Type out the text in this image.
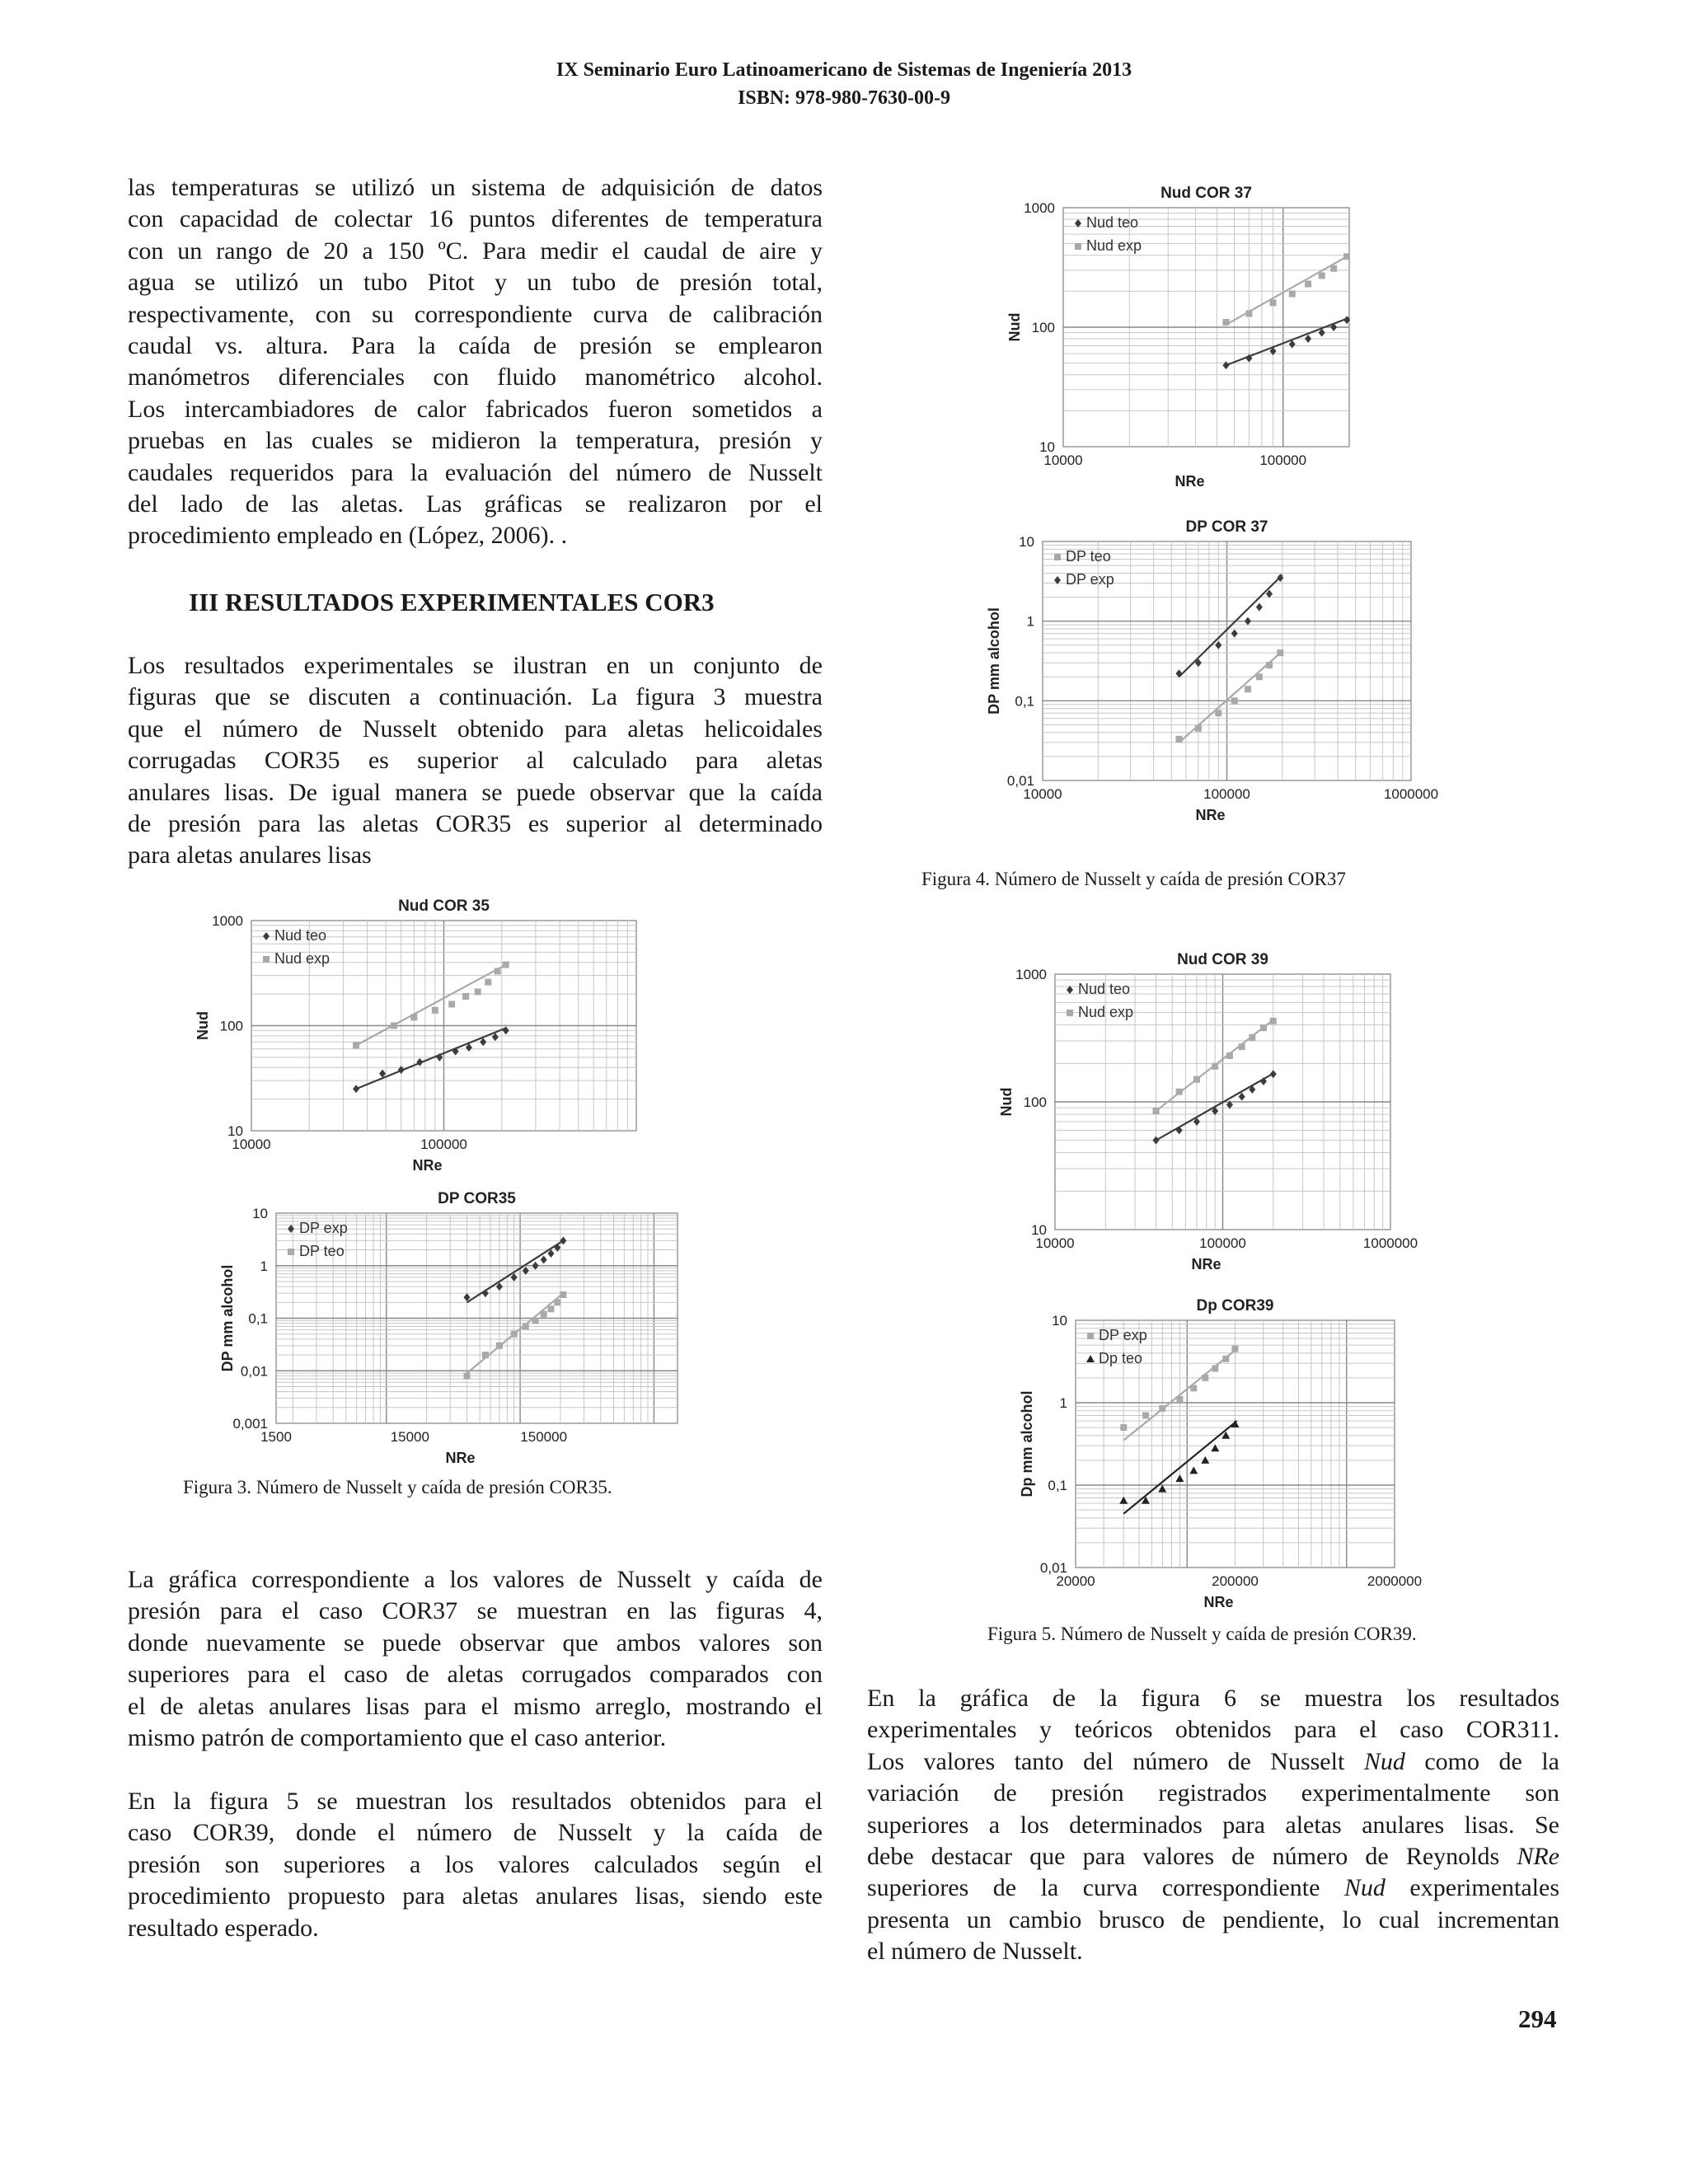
IX Seminario Euro Latinoamericano de Sistemas de Ingeniería 2013
ISBN: 978-980-7630-00-9
las temperaturas se utilizó un sistema de adquisición de datos
con capacidad de colectar 16 puntos diferentes de temperatura
con un rango de 20 a 150 ºC. Para medir el caudal de aire y
agua se utilizó un tubo Pitot y un tubo de presión total,
respectivamente, con su correspondiente curva de calibración
caudal vs. altura. Para la caída de presión se emplearon
manómetros diferenciales con fluido manométrico alcohol.
Los intercambiadores de calor fabricados fueron sometidos a
pruebas en las cuales se midieron la temperatura, presión y
caudales requeridos para la evaluación del número de Nusselt
del lado de las aletas. Las gráficas se realizaron por el
procedimiento empleado en (López, 2006). .
III RESULTADOS EXPERIMENTALES COR3
Los resultados experimentales se ilustran en un conjunto de
figuras que se discuten a continuación. La figura 3 muestra
que el número de Nusselt obtenido para aletas helicoidales
corrugadas COR35 es superior al calculado para aletas
anulares lisas. De igual manera se puede observar que la caída
de presión para las aletas COR35 es superior al determinado
para aletas anulares lisas
Nud COR 35
10000	100000
10
100
1000
NRe
Nud
Nud teo
Nud exp
DP COR35
1500	15000	150000
0,001
0,01
0,1
1
10
NRe
DP mm alcohol
DP exp
DP teo
Figura 3. Número de Nusselt y caída de presión COR35.
La gráfica correspondiente a los valores de Nusselt y caída de
presión para el caso COR37 se muestran en las figuras 4,
donde nuevamente se puede observar que ambos valores son
superiores para el caso de aletas corrugados comparados con
el de aletas anulares lisas para el mismo arreglo, mostrando el
mismo patrón de comportamiento que el caso anterior.
En la figura 5 se muestran los resultados obtenidos para el
caso COR39, donde el número de Nusselt y la caída de
presión son superiores a los valores calculados según el
procedimiento propuesto para aletas anulares lisas, siendo este
resultado esperado.
Nud COR 37
10000	100000
10
100
1000
NRe
Nud
Nud teo
Nud exp
DP COR 37
10000	100000	1000000
0,01
0,1
1
10
NRe
DP mm alcohol
DP teo
DP exp
Figura 4. Número de Nusselt y caída de presión COR37
Nud COR 39
10000	100000	1000000
10
100
1000
NRe
Nud
Nud teo
Nud exp
Dp COR39
20000	200000	2000000
0,01
0,1
1
10
NRe
Dp mm alcohol
DP exp
Dp teo
Figura 5. Número de Nusselt y caída de presión COR39.
En la gráfica de la figura 6 se muestra los resultados
experimentales y teóricos obtenidos para el caso COR311.
Los valores tanto del número de Nusselt Nud como de la
variación de presión registrados experimentalmente son
superiores a los determinados para aletas anulares lisas. Se
debe destacar que para valores de número de Reynolds NRe
superiores de la curva correspondiente Nud experimentales
presenta un cambio brusco de pendiente, lo cual incrementan
el número de Nusselt.
294
